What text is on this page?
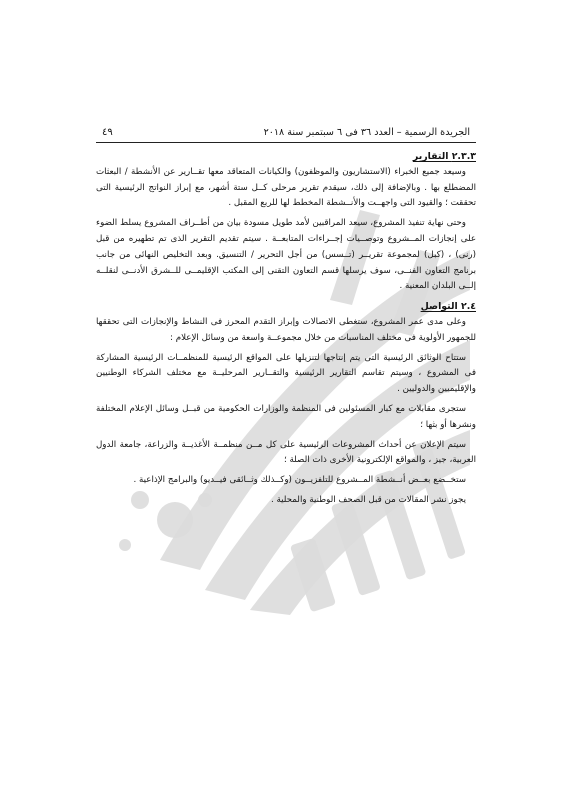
الجريدة الرسمية – العدد ٣٦ فى ٦ سبتمبر سنة ٢٠١٨
٤٩
٢.٣.٣ التقارير

وسيعد جميع الخبراء (الاستشاريون والموظفون) والكيانات المتعاقد معها تقــارير عن الأنشطة / البعثات المضطلع بها . وبالإضافة إلى ذلك، سيقدم تقرير مرحلى كــل ستة أشهر، مع إبراز النواتج الرئيسية التى تحققت ؛ والقيود التى واجهــت والأنــشطة المخطط لها للربع المقبل .

وحتى نهاية تنفيذ المشروع، سيعد المراقبين لأمد طويل مسودة بيان من أطــراف المشروع يسلط الضوء على إنجازات المــشروع وتوصــيات إجــراءات المتابعــة . سيتم تقديم التقرير الذى تم تطهيره من قبل (رنى) ، (كبل) لمجموعة تقريــر (تــسس) من أجل التحرير / التنسيق. وبعد التخليص النهائى من جانب برنامج التعاون الفنــى، سوف يرسلها قسم التعاون التقنى إلى المكتب الإقليمــى للــشرق الأدنــى لنقلــه إلــى البلدان المعنية .

٢.٤ التواصل

وعلى مدى عمر المشروع، ستغطى الاتصالات وإبراز التقدم المحرز فى النشاط والإنجازات التى تحققها للجمهور الأولوية فى مختلف المناسبات من خلال مجموعــة واسعة من وسائل الإعلام :

ستتاح الوثائق الرئيسية التى يتم إنتاجها لتنزيلها على المواقع الرئيسية للمنظمــات الرئيسية المشاركة فى المشروع ، وسيتم تقاسم التقارير الرئيسية والتقــارير المرحليــة مع مختلف الشركاء الوطنيين والإقليميين والدوليين .

ستجرى مقابلات مع كبار المسئولين فى المنظمة والوزارات الحكومية من قبــل وسائل الإعلام المختلفة ونشرها أو بثها ؛

سيتم الإعلان عن أحداث المشروعات الرئيسية على كل مــن منظمــة الأغذيــة والزراعة، جامعة الدول العربية، جيز ، والمواقع الإلكترونية الأخرى ذات الصلة ؛

ستخــضع بعــض أنــشطة المــشروع للتلفزيــون (وكــذلك وثــائقى فيــديو) والبرامج الإذاعية .

يجوز نشر المقالات من قبل الصحف الوطنية والمحلية .
